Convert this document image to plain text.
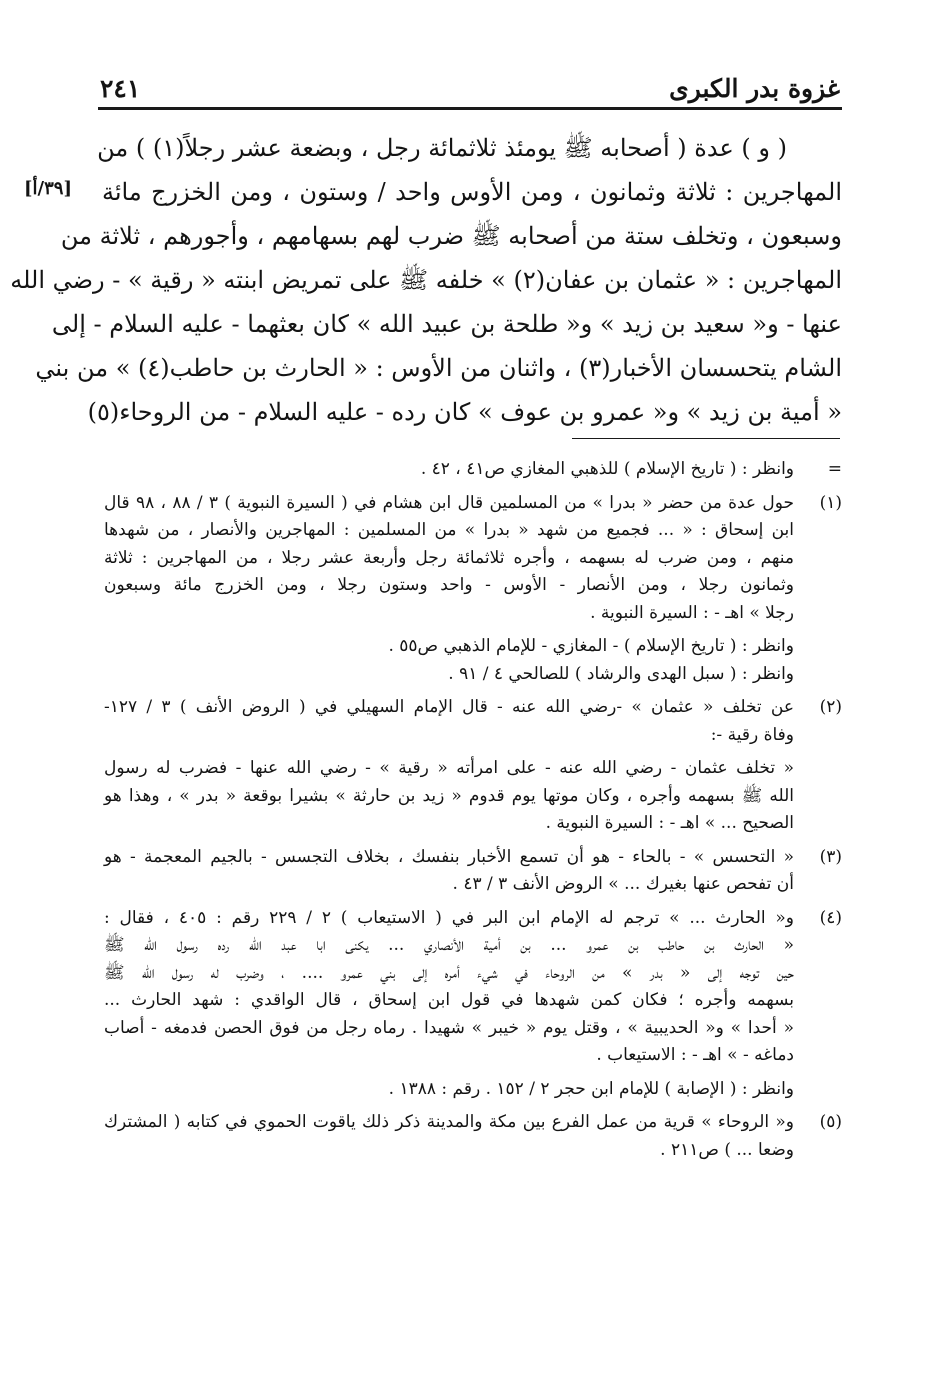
غزوة بدر الكبرى
٢٤١
[٣٩/أ]
( و ) عدة ( أصحابه ﷺ يومئذ ثلاثمائة رجل ، وبضعة عشر رجلاً(١) ) من
المهاجرين : ثلاثة وثمانون ، ومن الأوس واحد / وستون ، ومن الخزرج مائة
وسبعون ، وتخلف ستة من أصحابه ﷺ ضرب لهم بسهامهم ، وأجورهم ، ثلاثة من
المهاجرين : « عثمان بن عفان(٢) » خلفه ﷺ على تمريض ابنته « رقية » - رضي الله
عنها - و« سعيد بن زيد » و« طلحة بن عبيد الله » كان بعثهما - عليه السلام - إلى
الشام يتحسسان الأخبار(٣) ، واثنان من الأوس : « الحارث بن حاطب(٤) » من بني
« أمية بن زيد » و« عمرو بن عوف » كان رده - عليه السلام - من الروحاء(٥)
=
وانظر : ( تاريخ الإسلام ) للذهبي المغازي ص٤١ ، ٤٢ .
(١)
حول عدة من حضر « بدرا » من المسلمين قال ابن هشام في ( السيرة النبوية ) ٣ / ٨٨ ، ٩٨ قال
ابن إسحاق : « ... فجميع من شهد « بدرا » من المسلمين : المهاجرين والأنصار ، من شهدها
منهم ، ومن ضرب له بسهمه ، وأجره ثلاثمائة رجل وأربعة عشر رجلا ، من المهاجرين : ثلاثة
وثمانون رجلا ، ومن الأنصار - الأوس - واحد وستون رجلا ، ومن الخزرج مائة وسبعون
رجلا » اهـ - : السيرة النبوية .
وانظر : ( تاريخ الإسلام ) - المغازي - للإمام الذهبي ص٥٥ .
وانظر : ( سبل الهدى والرشاد ) للصالحي ٤ / ٩١ .
(٢)
عن تخلف « عثمان » -رضي الله عنه - قال الإمام السهيلي في ( الروض الأنف ) ٣ / ١٢٧-
وفاة رقية -:
« تخلف عثمان - رضي الله عنه - على امرأته « رقية » - رضي الله عنها - فضرب له رسول
الله ﷺ بسهمه وأجره ، وكان موتها يوم قدوم « زيد بن حارثة » بشيرا بوقعة « بدر » ، وهذا هو
الصحيح ... » اهـ - : السيرة النبوية .
(٣)
« التحسس » - بالحاء - هو أن تسمع الأخبار بنفسك ، بخلاف التجسس - بالجيم المعجمة - هو
أن تفحص عنها بغيرك ... » الروض الأنف ٣ / ٤٣ .
(٤)
و« الحارث ... » ترجم له الإمام ابن البر في ( الاستيعاب ) ٢ / ٢٢٩ رقم : ٤٠٥ ، فقال :
« الحارث بن حاطب بن عمرو ... بن أمية الأنصاري ... يكنى ابا عبد الله رده رسول الله ﷺ
حين توجه إلى « بدر » من الروحاء في شيء أمره إلى بني عمرو .... ، وضرب له رسول الله ﷺ
بسهمه وأجره ؛ فكان كمن شهدها في قول ابن إسحاق ، قال الواقدي : شهد الحارث ...
« أحدا » و« الحديبية » ، وقتل يوم « خيبر » شهيدا . رماه رجل من فوق الحصن فدمغه - أصاب
دماغه - » اهـ - : الاستيعاب .
وانظر : ( الإصابة ) للإمام ابن حجر ٢ / ١٥٢ . رقم : ١٣٨٨ .
(٥)
و« الروحاء » قرية من عمل الفرع بين مكة والمدينة ذكر ذلك ياقوت الحموي في كتابه ( المشترك
وضعا ... ) ص٢١١ .
